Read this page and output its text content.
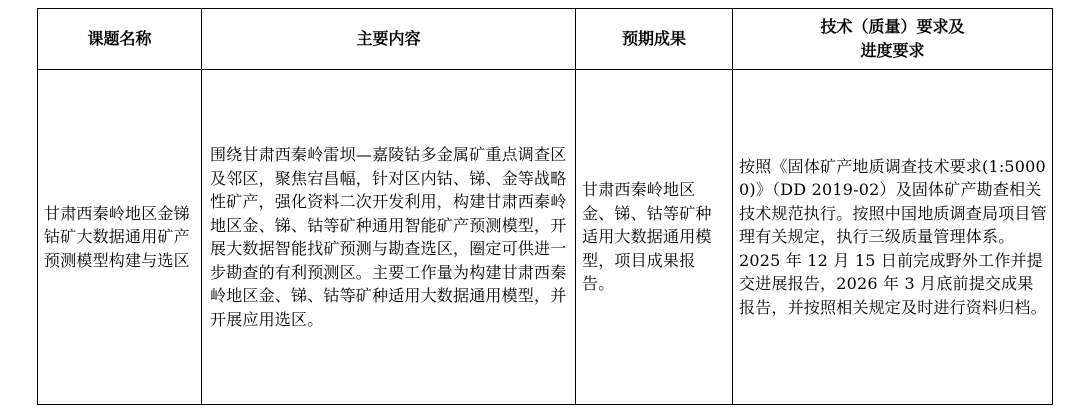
课题名称	主要内容	预期成果	技术（质量）要求及
进度要求

甘肃西秦岭地区金锑钴矿大数据通用矿产预测模型构建与选区	围绕甘肃西秦岭雷坝—嘉陵钴多金属矿重点调查区及邻区，聚焦宕昌幅，针对区内钴、锑、金等战略性矿产，强化资料二次开发利用，构建甘肃西秦岭地区金、锑、钴等矿种通用智能矿产预测模型，开展大数据智能找矿预测与勘查选区，圈定可供进一步勘查的有利预测区。主要工作量为构建甘肃西秦岭地区金、锑、钴等矿种适用大数据通用模型，并开展应用选区。	甘肃西秦岭地区金、锑、钴等矿种适用大数据通用模型，项目成果报告。	按照《固体矿产地质调查技术要求(1:50000)》（DD 2019-02）及固体矿产勘查相关技术规范执行。按照中国地质调查局项目管理有关规定，执行三级质量管理体系。
2025 年 12 月 15 日前完成野外工作并提交进展报告，2026 年 3 月底前提交成果报告，并按照相关规定及时进行资料归档。
